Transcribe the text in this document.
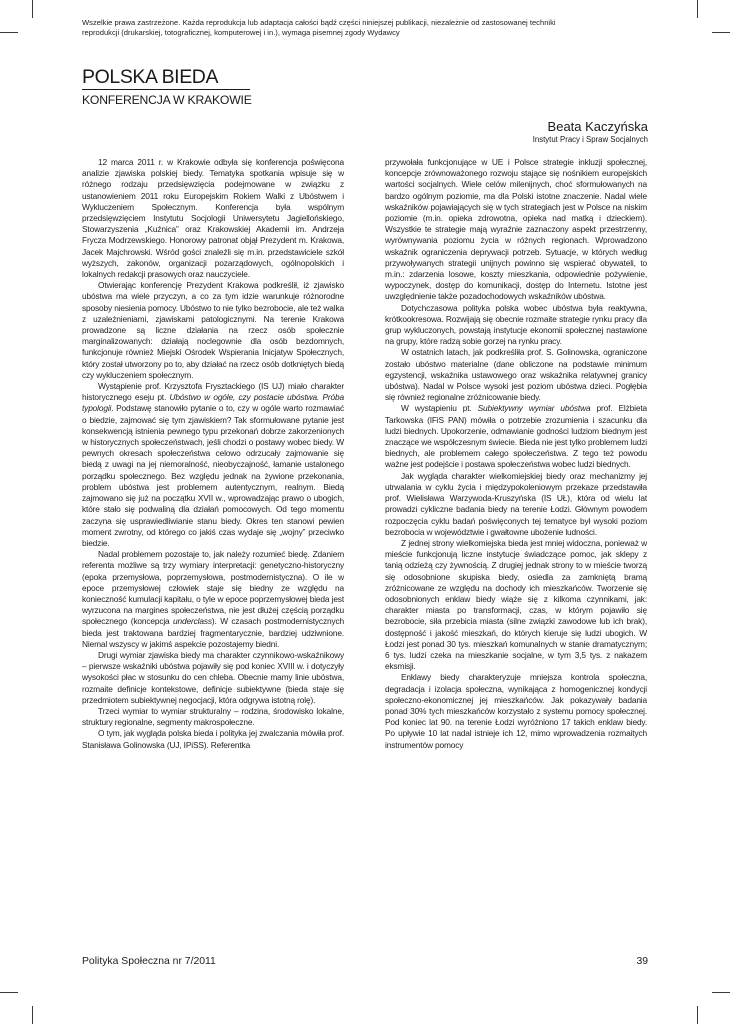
Wszelkie prawa zastrzeżone. Każda reprodukcja lub adaptacja całości bądź części niniejszej publikacji, niezależnie od zastosowanej techniki
reprodukcji (drukarskiej, totograficznej, komputerowej i in.), wymaga pisemnej zgody Wydawcy
POLSKA BIEDA
KONFERENCJA W KRAKOWIE
Beata Kaczyńska
Instytut Pracy i Spraw Socjalnych

12 marca 2011 r. w Krakowie odbyła się konferencja poświęcona analizie zjawiska polskiej biedy. Tematyka spotkania wpisuje się w różnego rodzaju przedsięwzięcia podejmowane w związku z ustanowieniem 2011 roku Europejskim Rokiem Walki z Ubóstwem i Wykluczeniem Społecznym. Konferencja była wspólnym przedsięwzięciem Instytutu Socjologii Uniwersytetu Jagiellońskiego, Stowarzyszenia „Kuźnica” oraz Krakowskiej Akademii im. Andrzeja Frycza Modrzewskiego. Honorowy patronat objął Prezydent m. Krakowa, Jacek Majchrowski. Wśród gości znaleźli się m.in. przedstawiciele szkół wyższych, zakonów, organizacji pozarządowych, ogólnopolskich i lokalnych redakcji prasowych oraz nauczyciele.

Otwierając konferencję Prezydent Krakowa podkreślił, iż zjawisko ubóstwa ma wiele przyczyn, a co za tym idzie warunkuje różnorodne sposoby niesienia pomocy. Ubóstwo to nie tylko bezrobocie, ale też walka z uzależnieniami, zjawiskami patologicznymi. Na terenie Krakowa prowadzone są liczne działania na rzecz osób społecznie marginalizowanych: działają noclegownie dla osób bezdomnych, funkcjonuje również Miejski Ośrodek Wspierania Inicjatyw Społecznych, który został utworzony po to, aby działać na rzecz osób dotkniętych biedą czy wykluczeniem społecznym.

Wystąpienie prof. Krzysztofa Frysztackiego (IS UJ) miało charakter historycznego eseju pt. Ubóstwo w ogóle, czy postacie ubóstwa. Próba typologii. Podstawę stanowiło pytanie o to, czy w ogóle warto rozmawiać o biedzie, zajmować się tym zjawiskiem? Tak sformułowane pytanie jest konsekwencją istnienia pewnego typu przekonań dobrze zakorzenionych w historycznych społeczeństwach, jeśli chodzi o postawy wobec biedy. W pewnych okresach społeczeństwa celowo odrzucały zajmowanie się biedą z uwagi na jej niemoralność, nieobyczajność, łamanie ustalonego porządku społecznego. Bez względu jednak na żywione przekonania, problem ubóstwa jest problemem autentycznym, realnym. Biedą zajmowano się już na początku XVII w., wprowadzając prawo o ubogich, które stało się podwaliną dla działań pomocowych. Od tego momentu zaczyna się usprawiedliwianie stanu biedy. Okres ten stanowi pewien moment zwrotny, od którego co jakiś czas wydaje się „wojny” przeciwko biedzie.

Nadal problemem pozostaje to, jak należy rozumieć biedę. Zdaniem referenta możliwe są trzy wymiary interpretacji: genetyczno-historyczny (epoka przemysłowa, poprzemysłowa, postmodernistyczna). O ile w epoce przemysłowej człowiek staje się biedny ze względu na konieczność kumulacji kapitału, o tyle w epoce poprzemysłowej bieda jest wyrzucona na margines społeczeństwa, nie jest dłużej częścią porządku społecznego (koncepcja underclass). W czasach postmodernistycznych bieda jest traktowana bardziej fragmentarycznie, bardziej udziwnione. Niemal wszyscy w jakimś aspekcie pozostajemy biedni.

Drugi wymiar zjawiska biedy ma charakter czynnikowo-wskaźnikowy – pierwsze wskaźniki ubóstwa pojawiły się pod koniec XVIII w. i dotyczyły wysokości płac w stosunku do cen chleba. Obecnie mamy linie ubóstwa, rozmaite definicje kontekstowe, definicje subiektywne (bieda staje się przedmiotem subiektywnej negocjacji, która odgrywa istotną rolę).

Trzeci wymiar to wymiar strukturalny – rodzina, środowisko lokalne, struktury regionalne, segmenty makrospołeczne.

O tym, jak wygląda polska bieda i polityka jej zwalczania mówiła prof. Stanisława Golinowska (UJ, IPiSS). Referentka

przywołała funkcjonujące w UE i Polsce strategie inkluzji społecznej, koncepcje zrównoważonego rozwoju stające się nośnikiem europejskich wartości socjalnych. Wiele celów milenijnych, choć sformułowanych na bardzo ogólnym poziomie, ma dla Polski istotne znaczenie. Nadal wiele wskaźników pojawiających się w tych strategiach jest w Polsce na niskim poziomie (m.in. opieka zdrowotna, opieka nad matką i dzieckiem). Wszystkie te strategie mają wyraźnie zaznaczony aspekt przestrzenny, wyrównywania poziomu życia w różnych regionach. Wprowadzono wskaźnik ograniczenia deprywacji potrzeb. Sytuacje, w których według przywoływanych strategii unijnych powinno się wspierać obywateli, to m.in.: zdarzenia losowe, koszty mieszkania, odpowiednie pożywienie, wypoczynek, dostęp do komunikacji, dostęp do Internetu. Istotne jest uwzględnienie także pozadochodowych wskaźników ubóstwa.

Dotychczasowa polityka polska wobec ubóstwa była reaktywna, krótkookresowa. Rozwijają się obecnie rozmaite strategie rynku pracy dla grup wykluczonych, powstają instytucje ekonomii społecznej nastawione na grupy, które radzą sobie gorzej na rynku pracy.

W ostatnich latach, jak podkreśliła prof. S. Golinowska, ograniczone zostało ubóstwo materialne (dane obliczone na podstawie minimum egzystencji, wskaźnika ustawowego oraz wskaźnika relatywnej granicy ubóstwa). Nadal w Polsce wysoki jest poziom ubóstwa dzieci. Pogłębia się również regionalne zróżnicowanie biedy.

W wystąpieniu pt. Subiektywny wymiar ubóstwa prof. Elżbieta Tarkowska (IFiS PAN) mówiła o potrzebie zrozumienia i szacunku dla ludzi biednych. Upokorzenie, odmawianie godności ludziom biednym jest znaczące we współczesnym świecie. Bieda nie jest tylko problemem ludzi biednych, ale problemem całego społeczeństwa. Z tego też powodu ważne jest podejście i postawa społeczeństwa wobec ludzi biednych.

Jak wygląda charakter wielkomiejskiej biedy oraz mechanizmy jej utrwalania w cyklu życia i międzypokoleniowym przekaze przedstawiła prof. Wielisława Warzywoda-Kruszyńska (IS UŁ), która od wielu lat prowadzi cykliczne badania biedy na terenie Łodzi. Głównym powodem rozpoczęcia cyklu badań poświęconych tej tematyce był wysoki poziom bezrobocia w województwie i gwałtowne ubożenie ludności.

Z jednej strony wielkomiejska bieda jest mniej widoczna, ponieważ w mieście funkcjonują liczne instytucje świadczące pomoc, jak sklepy z tanią odzieżą czy żywnością. Z drugiej jednak strony to w mieście tworzą się odosobnione skupiska biedy, osiedla za zamkniętą bramą zróżnicowane ze względu na dochody ich mieszkańców. Tworzenie się odosobnionych enklaw biedy wiąże się z kilkoma czynnikami, jak: charakter miasta po transformacji, czas, w którym pojawiło się bezrobocie, siła przebicia miasta (silne związki zawodowe lub ich brak), dostępność i jakość mieszkań, do których kieruje się ludzi ubogich. W Łodzi jest ponad 30 tys. mieszkań komunalnych w stanie dramatycznym; 6 tys. ludzi czeka na mieszkanie socjalne, w tym 3,5 tys. z nakazem eksmisji.

Enklawy biedy charakteryzuje mniejsza kontrola społeczna, degradacja i izolacja społeczna, wynikająca z homogenicznej kondycji społeczno-ekonomicznej jej mieszkańców. Jak pokazywały badania ponad 30% tych mieszkańców korzystało z systemu pomocy społecznej. Pod koniec lat 90. na terenie Łodzi wyróżniono 17 takich enklaw biedy. Po upływie 10 lat nadal istnieje ich 12, mimo wprowadzenia rozmaitych instrumentów pomocy

Polityka Społeczna nr 7/2011	39
